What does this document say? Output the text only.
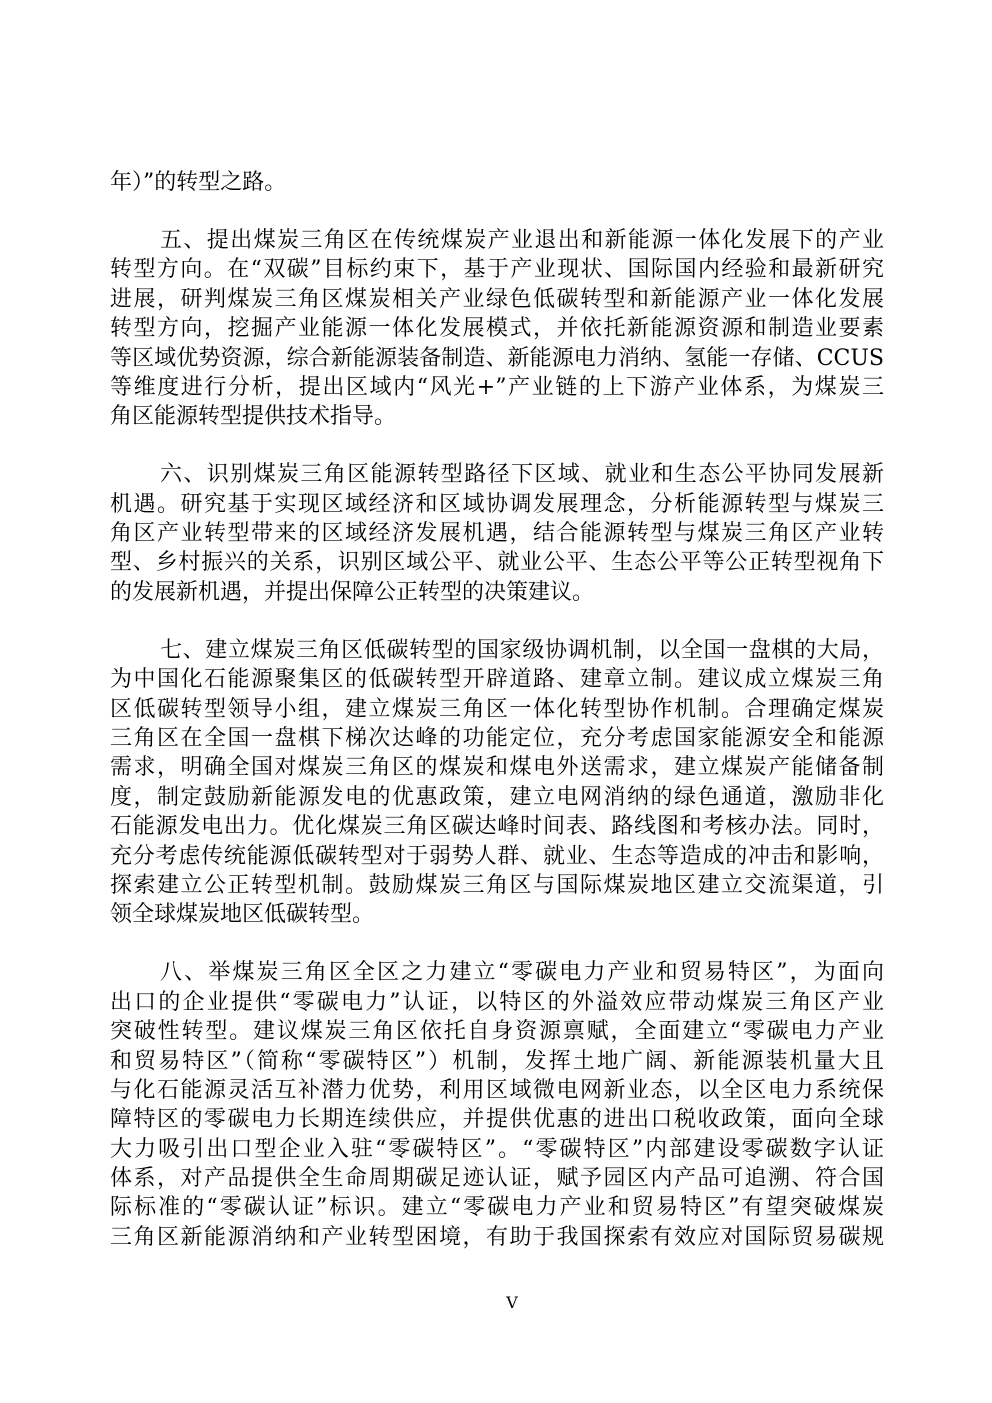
年）”的转型之路。
五、提出煤炭三角区在传统煤炭产业退出和新能源一体化发展下的产业
转型方向。在“双碳”目标约束下，基于产业现状、国际国内经验和最新研究
进展，研判煤炭三角区煤炭相关产业绿色低碳转型和新能源产业一体化发展
转型方向，挖掘产业能源一体化发展模式，并依托新能源资源和制造业要素
等区域优势资源，综合新能源装备制造、新能源电力消纳、氢能一存储、CCUS
等维度进行分析，提出区域内“风光+”产业链的上下游产业体系，为煤炭三
角区能源转型提供技术指导。
六、识别煤炭三角区能源转型路径下区域、就业和生态公平协同发展新
机遇。研究基于实现区域经济和区域协调发展理念，分析能源转型与煤炭三
角区产业转型带来的区域经济发展机遇，结合能源转型与煤炭三角区产业转
型、乡村振兴的关系，识别区域公平、就业公平、生态公平等公正转型视角下
的发展新机遇，并提出保障公正转型的决策建议。
七、建立煤炭三角区低碳转型的国家级协调机制，以全国一盘棋的大局，
为中国化石能源聚集区的低碳转型开辟道路、建章立制。建议成立煤炭三角
区低碳转型领导小组，建立煤炭三角区一体化转型协作机制。合理确定煤炭
三角区在全国一盘棋下梯次达峰的功能定位，充分考虑国家能源安全和能源
需求，明确全国对煤炭三角区的煤炭和煤电外送需求，建立煤炭产能储备制
度，制定鼓励新能源发电的优惠政策，建立电网消纳的绿色通道，激励非化
石能源发电出力。优化煤炭三角区碳达峰时间表、路线图和考核办法。同时，
充分考虑传统能源低碳转型对于弱势人群、就业、生态等造成的冲击和影响，
探索建立公正转型机制。鼓励煤炭三角区与国际煤炭地区建立交流渠道，引
领全球煤炭地区低碳转型。
八、举煤炭三角区全区之力建立“零碳电力产业和贸易特区”，为面向
出口的企业提供“零碳电力”认证，以特区的外溢效应带动煤炭三角区产业
突破性转型。建议煤炭三角区依托自身资源禀赋，全面建立“零碳电力产业
和贸易特区”（简称“零碳特区”）机制，发挥土地广阔、新能源装机量大且
与化石能源灵活互补潜力优势，利用区域微电网新业态，以全区电力系统保
障特区的零碳电力长期连续供应，并提供优惠的进出口税收政策，面向全球
大力吸引出口型企业入驻“零碳特区”。“零碳特区”内部建设零碳数字认证
体系，对产品提供全生命周期碳足迹认证，赋予园区内产品可追溯、符合国
际标准的“零碳认证”标识。建立“零碳电力产业和贸易特区”有望突破煤炭
三角区新能源消纳和产业转型困境，有助于我国探索有效应对国际贸易碳规
V
